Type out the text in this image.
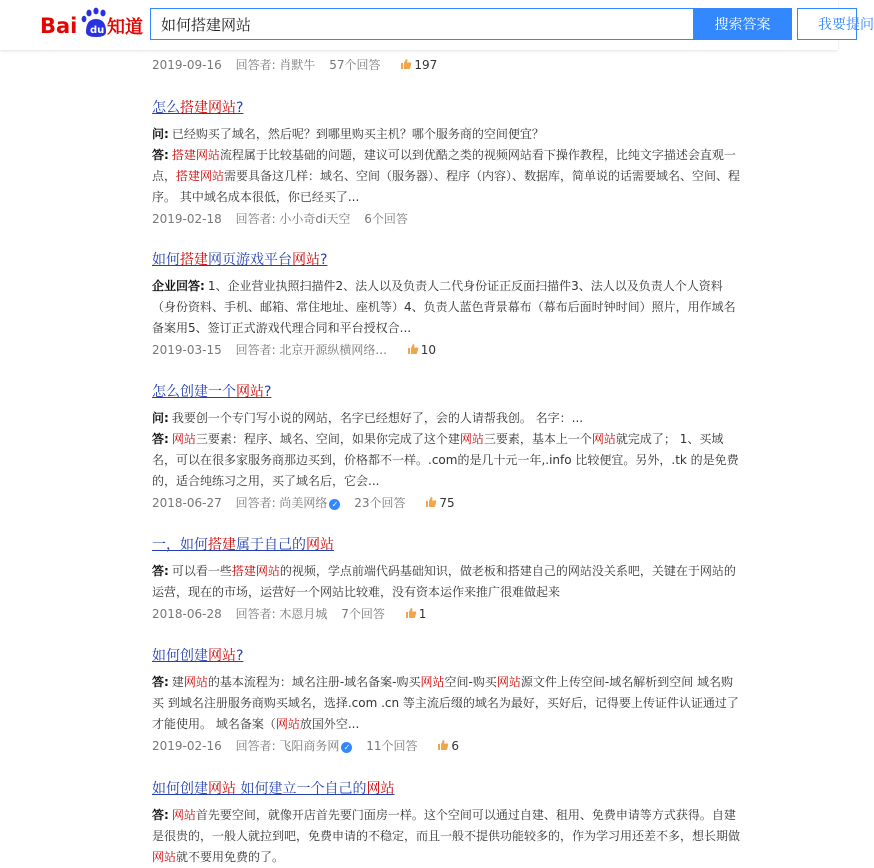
Bai du 知道
如何搭建网站	搜索答案	我要提问
2019-09-16 回答者: 肖默牛 57个回答	197
怎么搭建网站?

问: 已经购买了域名，然后呢？到哪里购买主机？哪个服务商的空间便宜？

答: 搭建网站流程属于比较基础的问题，建议可以到优酷之类的视频网站看下操作教程，比纯文字描述会直观一点，搭建网站需要具备这几样：域名、空间（服务器）、程序（内容）、数据库，简单说的话需要域名、空间、程序。 其中域名成本很低，你已经买了...

2019-02-18 回答者: 小小奇di天空 6个回答
如何搭建网页游戏平台网站?

企业回答: 1、企业营业执照扫描件2、法人以及负责人二代身份证正反面扫描件3、法人以及负责人个人资料（身份资料、手机、邮箱、常住地址、座机等）4、负责人蓝色背景幕布（幕布后面时钟时间）照片，用作域名备案用5、签订正式游戏代理合同和平台授权合...

2019-03-15 回答者: 北京开源纵横网络...	10
怎么创建一个网站?

问: 我要创一个专门写小说的网站，名字已经想好了，会的人请帮我创。 名字：...

答: 网站三要素：程序、域名、空间，如果你完成了这个建网站三要素，基本上一个网站就完成了； 1、买域名，可以在很多家服务商那边买到，价格都不一样。.com的是几十元一年,.info 比较便宜。另外，.tk 的是免费的，适合纯练习之用，买了域名后，它会...

2018-06-27 回答者: 尚美网络 ✓ 23个回答	75
一，如何搭建属于自己的网站

答: 可以看一些搭建网站的视频，学点前端代码基础知识，做老板和搭建自己的网站没关系吧，关键在于网站的运营，现在的市场，运营好一个网站比较难，没有资本运作来推广很难做起来

2018-06-28 回答者: 木恩月城 7个回答	1
如何创建网站?

答: 建网站的基本流程为：域名注册-域名备案-购买网站空间-购买网站源文件上传空间-域名解析到空间 域名购买 到域名注册服务商购买域名，选择.com .cn 等主流后缀的域名为最好，买好后，记得要上传证件认证通过了才能使用。 域名备案（网站放国外空...

2019-02-16 回答者: 飞阳商务网 ✓ 11个回答	6
如何创建网站 如何建立一个自己的网站

答: 网站首先要空间，就像开店首先要门面房一样。这个空间可以通过自建、租用、免费申请等方式获得。自建是很贵的，一般人就拉到吧，免费申请的不稳定，而且一般不提供功能较多的，作为学习用还差不多，想长期做网站就不要用免费的了。
